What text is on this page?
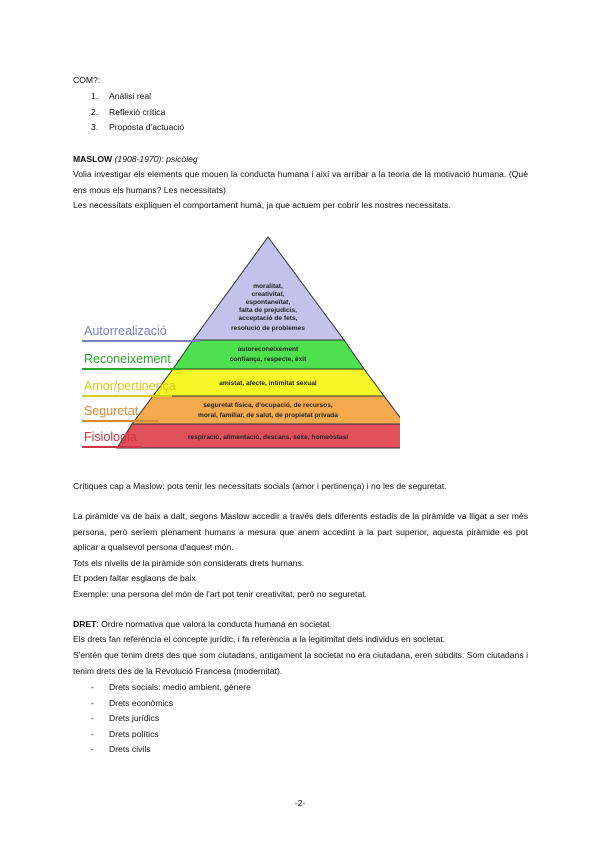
COM?:

1. Anàlisi real
2. Reflexió crítica
3. Proposta d'actuació

MASLOW (1908-1970): psicòleg

Volia investigar els elements que mouen la conducta humana i així va arribar a la teoria de la motivació humana. (Què ens mous els humans? Les necessitats)

Les necessitats expliquen el comportament humà, ja que actuem per cobrir les nostres necessitats.

moralitat,
creativitat,
espontaneïtat,
falta de prejudicis,
acceptació de fets,
resolució de problemes
autoreconeixement
confiança, respecte, èxit
amistat, afecte, intimitat sexual
seguretat física, d'ocupació, de recursos,
moral, familiar, de salut, de propietat privada
respiració, alimentació, descans, sexe, homeòstasi
Autorrealizació
Reconeixement
Amor/pertinença
Seguretat
Fisiologia

Crítiques cap a Maslow: pots tenir les necessitats socials (amor i pertinença) i no les de seguretat.

La piràmide va de baix a dalt, segons Maslow accedir a través dels diferents estadis de la piràmide va lligat a ser més persona, però seríem plenament humans a mesura que anem accedint a la part superior, aquesta piràmide es pot aplicar a qualsevol persona d'aquest món.

Tots els nivells de la piràmide són considerats drets humans.

Et poden faltar esglaons de baix

Exemple: una persona del món de l'art pot tenir creativitat, però no seguretat.

DRET: Ordre normativa que valora la conducta humana en societat

Els drets fan referència el concepte jurídic, i fa referència a la legitimitat dels individus en societat.

S'entén que tenim drets des que som ciutadans, antigament la societat no era ciutadana, eren súbdits. Som ciutadans i tenim drets des de la Revolució Francesa (modernitat).

- Drets socials: medio ambient, gènere
- Drets econòmics
- Drets jurídics
- Drets polítics
- Drets civils
-2-
